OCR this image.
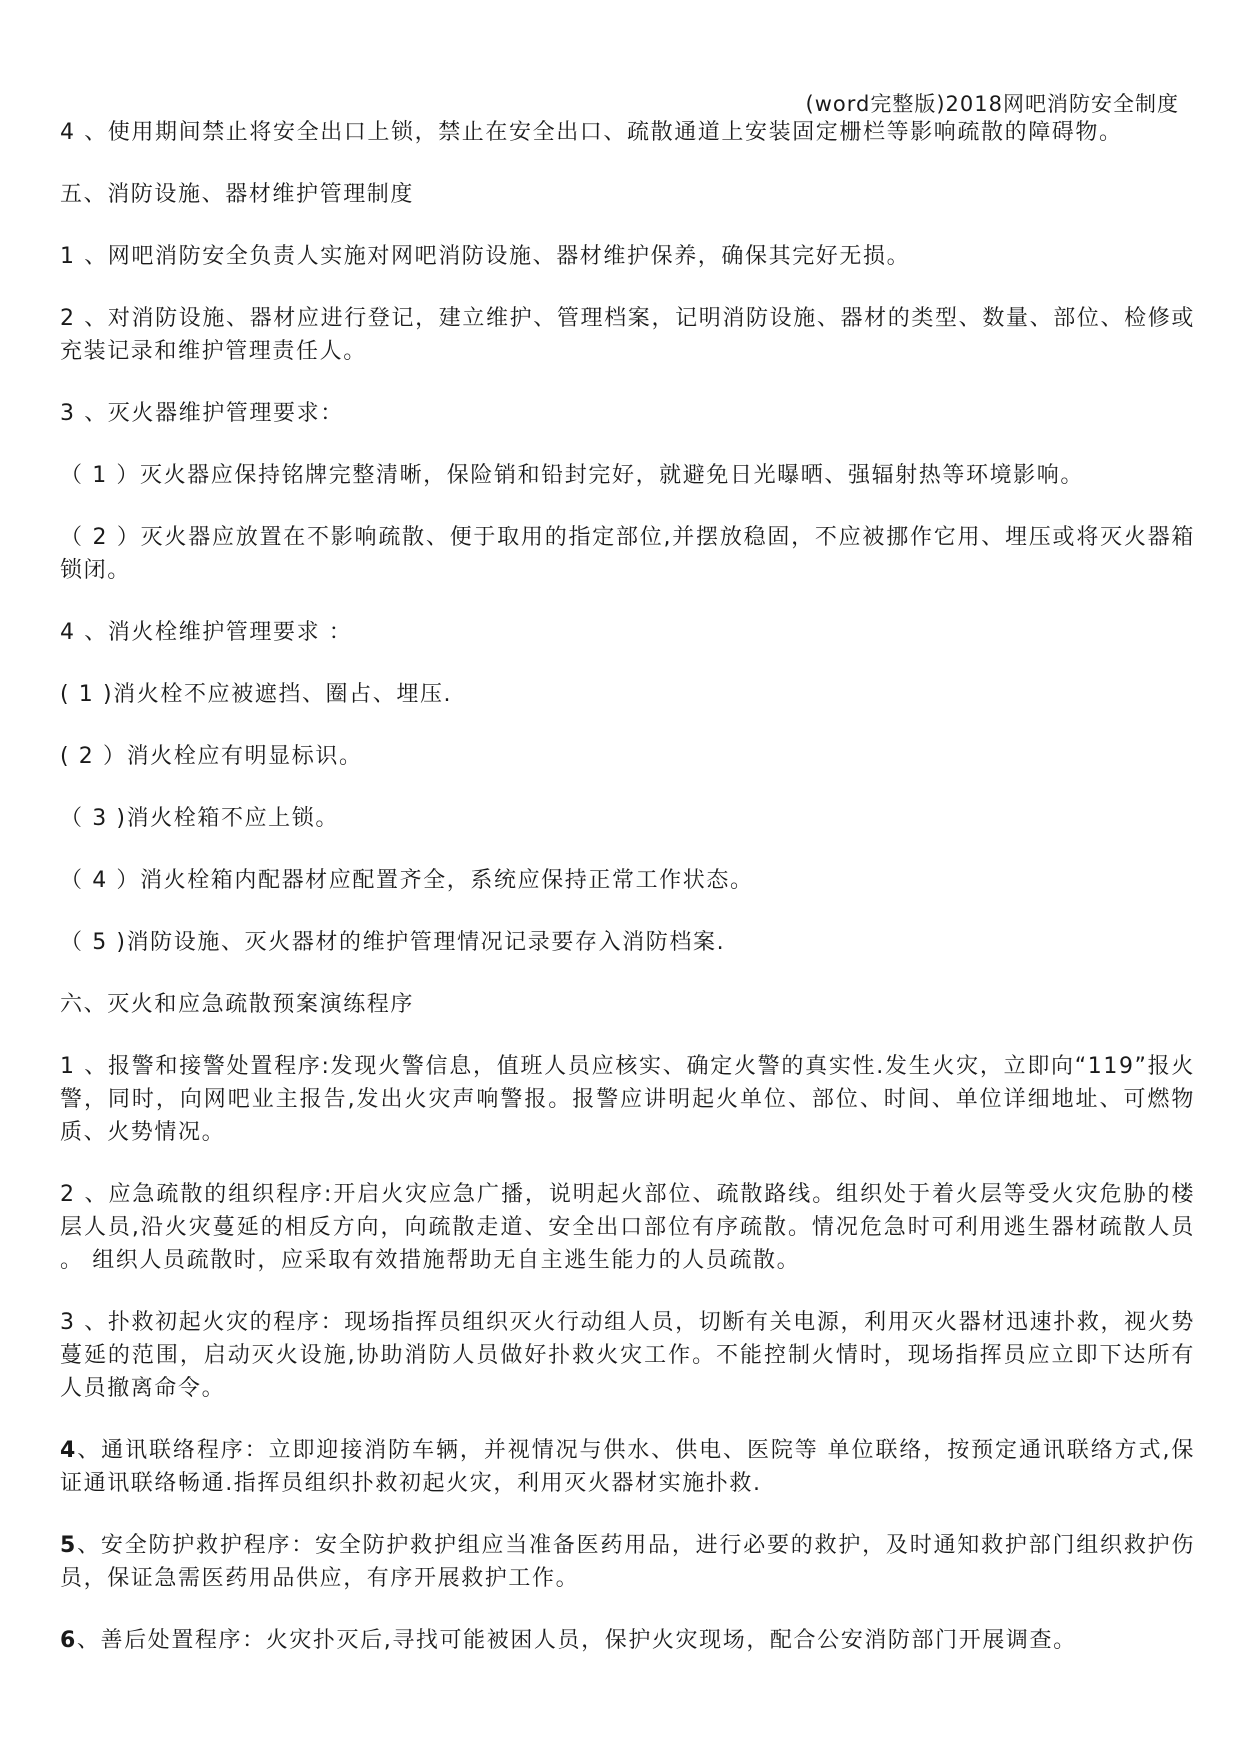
(word完整版)2018网吧消防安全制度

4 、使用期间禁止将安全出口上锁，禁止在安全出口、疏散通道上安装固定栅栏等影响疏散的障碍物。

五、消防设施、器材维护管理制度

1 、网吧消防安全负责人实施对网吧消防设施、器材维护保养，确保其完好无损。

2 、对消防设施、器材应进行登记，建立维护、管理档案，记明消防设施、器材的类型、数量、部位、检修或充装记录和维护管理责任人。

3 、灭火器维护管理要求：

（ 1 ）灭火器应保持铭牌完整清晰，保险销和铅封完好，就避免日光曝晒、强辐射热等环境影响。

（ 2 ）灭火器应放置在不影响疏散、便于取用的指定部位,并摆放稳固，不应被挪作它用、埋压或将灭火器箱锁闭。

4 、消火栓维护管理要求 ：

( 1 )消火栓不应被遮挡、圈占、埋压.

( 2 ）消火栓应有明显标识。

（ 3 )消火栓箱不应上锁。

（ 4 ）消火栓箱内配器材应配置齐全，系统应保持正常工作状态。

（ 5 )消防设施、灭火器材的维护管理情况记录要存入消防档案.

六、灭火和应急疏散预案演练程序

1 、报警和接警处置程序:发现火警信息，值班人员应核实、确定火警的真实性.发生火灾，立即向“119”报火警，同时，向网吧业主报告,发出火灾声响警报。报警应讲明起火单位、部位、时间、单位详细地址、可燃物质、火势情况。

2 、应急疏散的组织程序:开启火灾应急广播，说明起火部位、疏散路线。组织处于着火层等受火灾危胁的楼层人员,沿火灾蔓延的相反方向，向疏散走道、安全出口部位有序疏散。情况危急时可利用逃生器材疏散人员 。 组织人员疏散时，应采取有效措施帮助无自主逃生能力的人员疏散。

3 、扑救初起火灾的程序：现场指挥员组织灭火行动组人员，切断有关电源，利用灭火器材迅速扑救，视火势蔓延的范围，启动灭火设施,协助消防人员做好扑救火灾工作。不能控制火情时，现场指挥员应立即下达所有人员撤离命令。

4、通讯联络程序：立即迎接消防车辆，并视情况与供水、供电、医院等 单位联络，按预定通讯联络方式,保证通讯联络畅通.指挥员组织扑救初起火灾，利用灭火器材实施扑救.

5、安全防护救护程序：安全防护救护组应当准备医药用品，进行必要的救护，及时通知救护部门组织救护伤员，保证急需医药用品供应，有序开展救护工作。

6、善后处置程序：火灾扑灭后,寻找可能被困人员，保护火灾现场，配合公安消防部门开展调查。
